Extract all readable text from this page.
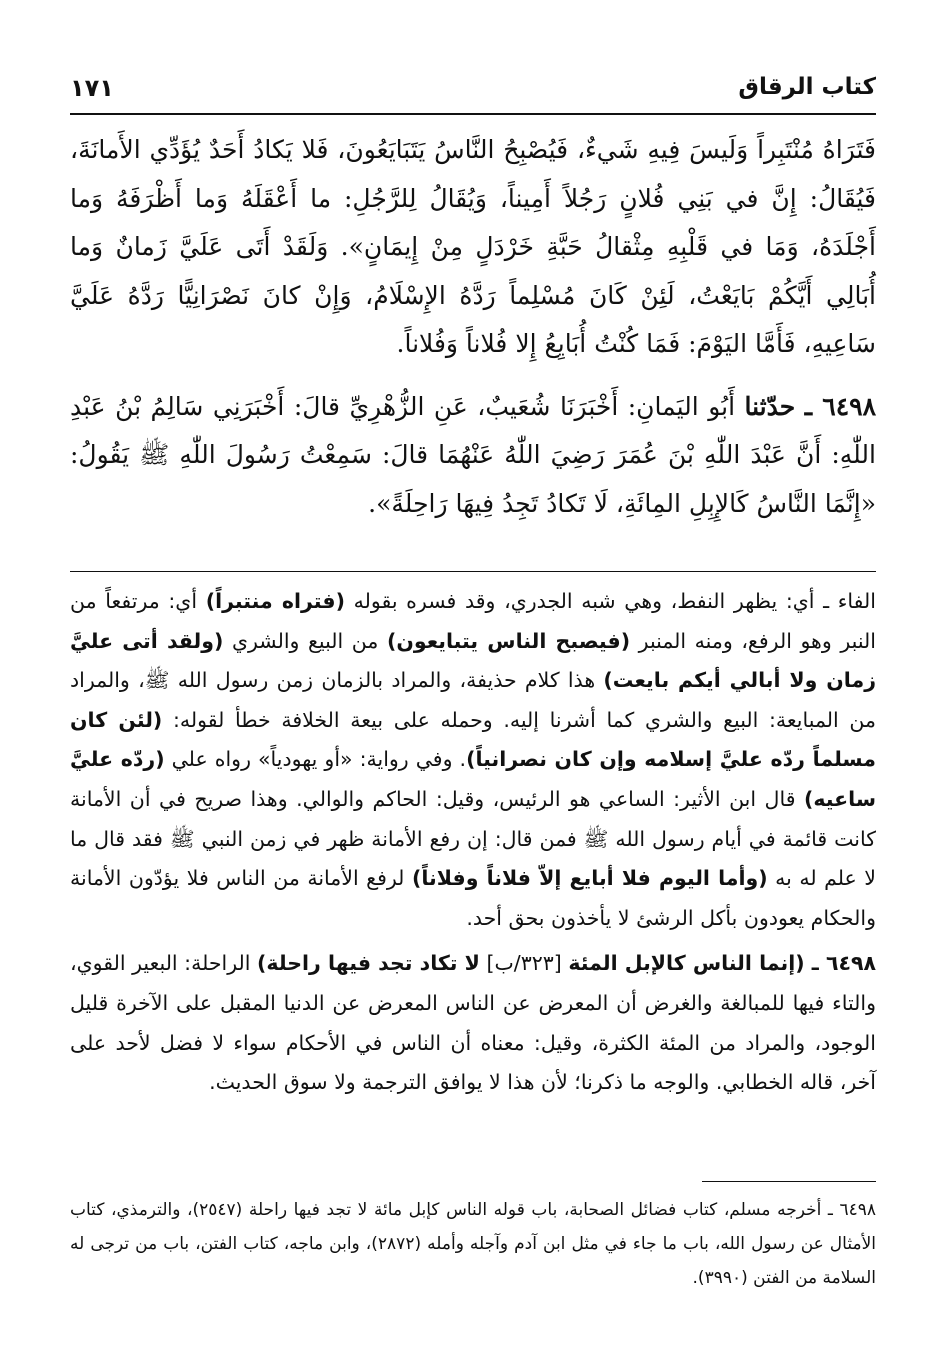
كتاب الرقاق
١٧١

فَتَرَاهُ مُنْتَبِراً وَلَيسَ فِيهِ شَيءٌ، فَيُصْبِحُ النَّاسُ يَتَبَايَعُونَ، فَلا يَكادُ أَحَدٌ يُؤَدِّي الأَمانَةَ، فَيُقَالُ: إِنَّ في بَنِي فُلانٍ رَجُلاً أَمِيناً، وَيُقَالُ لِلرَّجُلِ: ما أَعْقَلَهُ وَما أَظْرَفَهُ وَما أَجْلَدَهُ، وَمَا في قَلْبِهِ مِثْقالُ حَبَّةِ خَرْدَلٍ مِنْ إِيمَانٍ». وَلَقَدْ أَتَى عَلَيَّ زَمانٌ وَما أُبَالِي أَيَّكُمْ بَايَعْتُ، لَئِنْ كَانَ مُسْلِماً رَدَّهُ الإِسْلَامُ، وَإِنْ كانَ نَصْرَانِيًّا رَدَّهُ عَلَيَّ سَاعِيهِ، فَأَمَّا اليَوْمَ: فَمَا كُنْتُ أُبَايِعُ إِلا فُلاناً وَفُلاناً.

٦٤٩٨ ـ حدّثنا أَبُو اليَمانِ: أَخْبَرَنَا شُعَيبٌ، عَنِ الزُّهْرِيِّ قالَ: أَخْبَرَنِي سَالِمُ بْنُ عَبْدِ اللّٰهِ: أَنَّ عَبْدَ اللّٰهِ بْنَ عُمَرَ رَضِيَ اللّٰهُ عَنْهُمَا قالَ: سَمِعْتُ رَسُولَ اللّٰهِ ﷺ يَقُولُ: «إِنَّمَا النَّاسُ كَالإِبِلِ المِائَةِ، لَا تَكادُ تَجِدُ فِيهَا رَاحِلَةً».

الفاء ـ أي: يظهر النفط، وهي شبه الجدري، وقد فسره بقوله (فتراه منتبراً) أي: مرتفعاً من النبر وهو الرفع، ومنه المنبر (فيصبح الناس يتبايعون) من البيع والشري (ولقد أتى عليَّ زمان ولا أبالي أيكم بايعت) هذا كلام حذيفة، والمراد بالزمان زمن رسول الله ﷺ، والمراد من المبايعة: البيع والشري كما أشرنا إليه. وحمله على بيعة الخلافة خطأ لقوله: (لئن كان مسلماً ردّه عليَّ إسلامه وإن كان نصرانياً). وفي رواية: «أو يهودياً» رواه علي (ردّه عليَّ ساعيه) قال ابن الأثير: الساعي هو الرئيس، وقيل: الحاكم والوالي. وهذا صريح في أن الأمانة كانت قائمة في أيام رسول الله ﷺ فمن قال: إن رفع الأمانة ظهر في زمن النبي ﷺ فقد قال ما لا علم له به (وأما اليوم فلا أبايع إلاّ فلاناً وفلاناً) لرفع الأمانة من الناس فلا يؤدّون الأمانة والحكام يعودون بأكل الرشئ لا يأخذون بحق أحد.

٦٤٩٨ ـ (إنما الناس كالإبل المئة [٣٢٣/ب] لا تكاد تجد فيها راحلة) الراحلة: البعير القوي، والتاء فيها للمبالغة والغرض أن المعرض عن الناس المعرض عن الدنيا المقبل على الآخرة قليل الوجود، والمراد من المئة الكثرة، وقيل: معناه أن الناس في الأحكام سواء لا فضل لأحد على آخر، قاله الخطابي. والوجه ما ذكرنا؛ لأن هذا لا يوافق الترجمة ولا سوق الحديث.

٦٤٩٨ ـ أخرجه مسلم، كتاب فضائل الصحابة، باب قوله الناس كإبل مائة لا تجد فيها راحلة (٢٥٤٧)، والترمذي، كتاب الأمثال عن رسول الله، باب ما جاء في مثل ابن آدم وآجله وأمله (٢٨٧٢)، وابن ماجه، كتاب الفتن، باب من ترجى له السلامة من الفتن (٣٩٩٠).
